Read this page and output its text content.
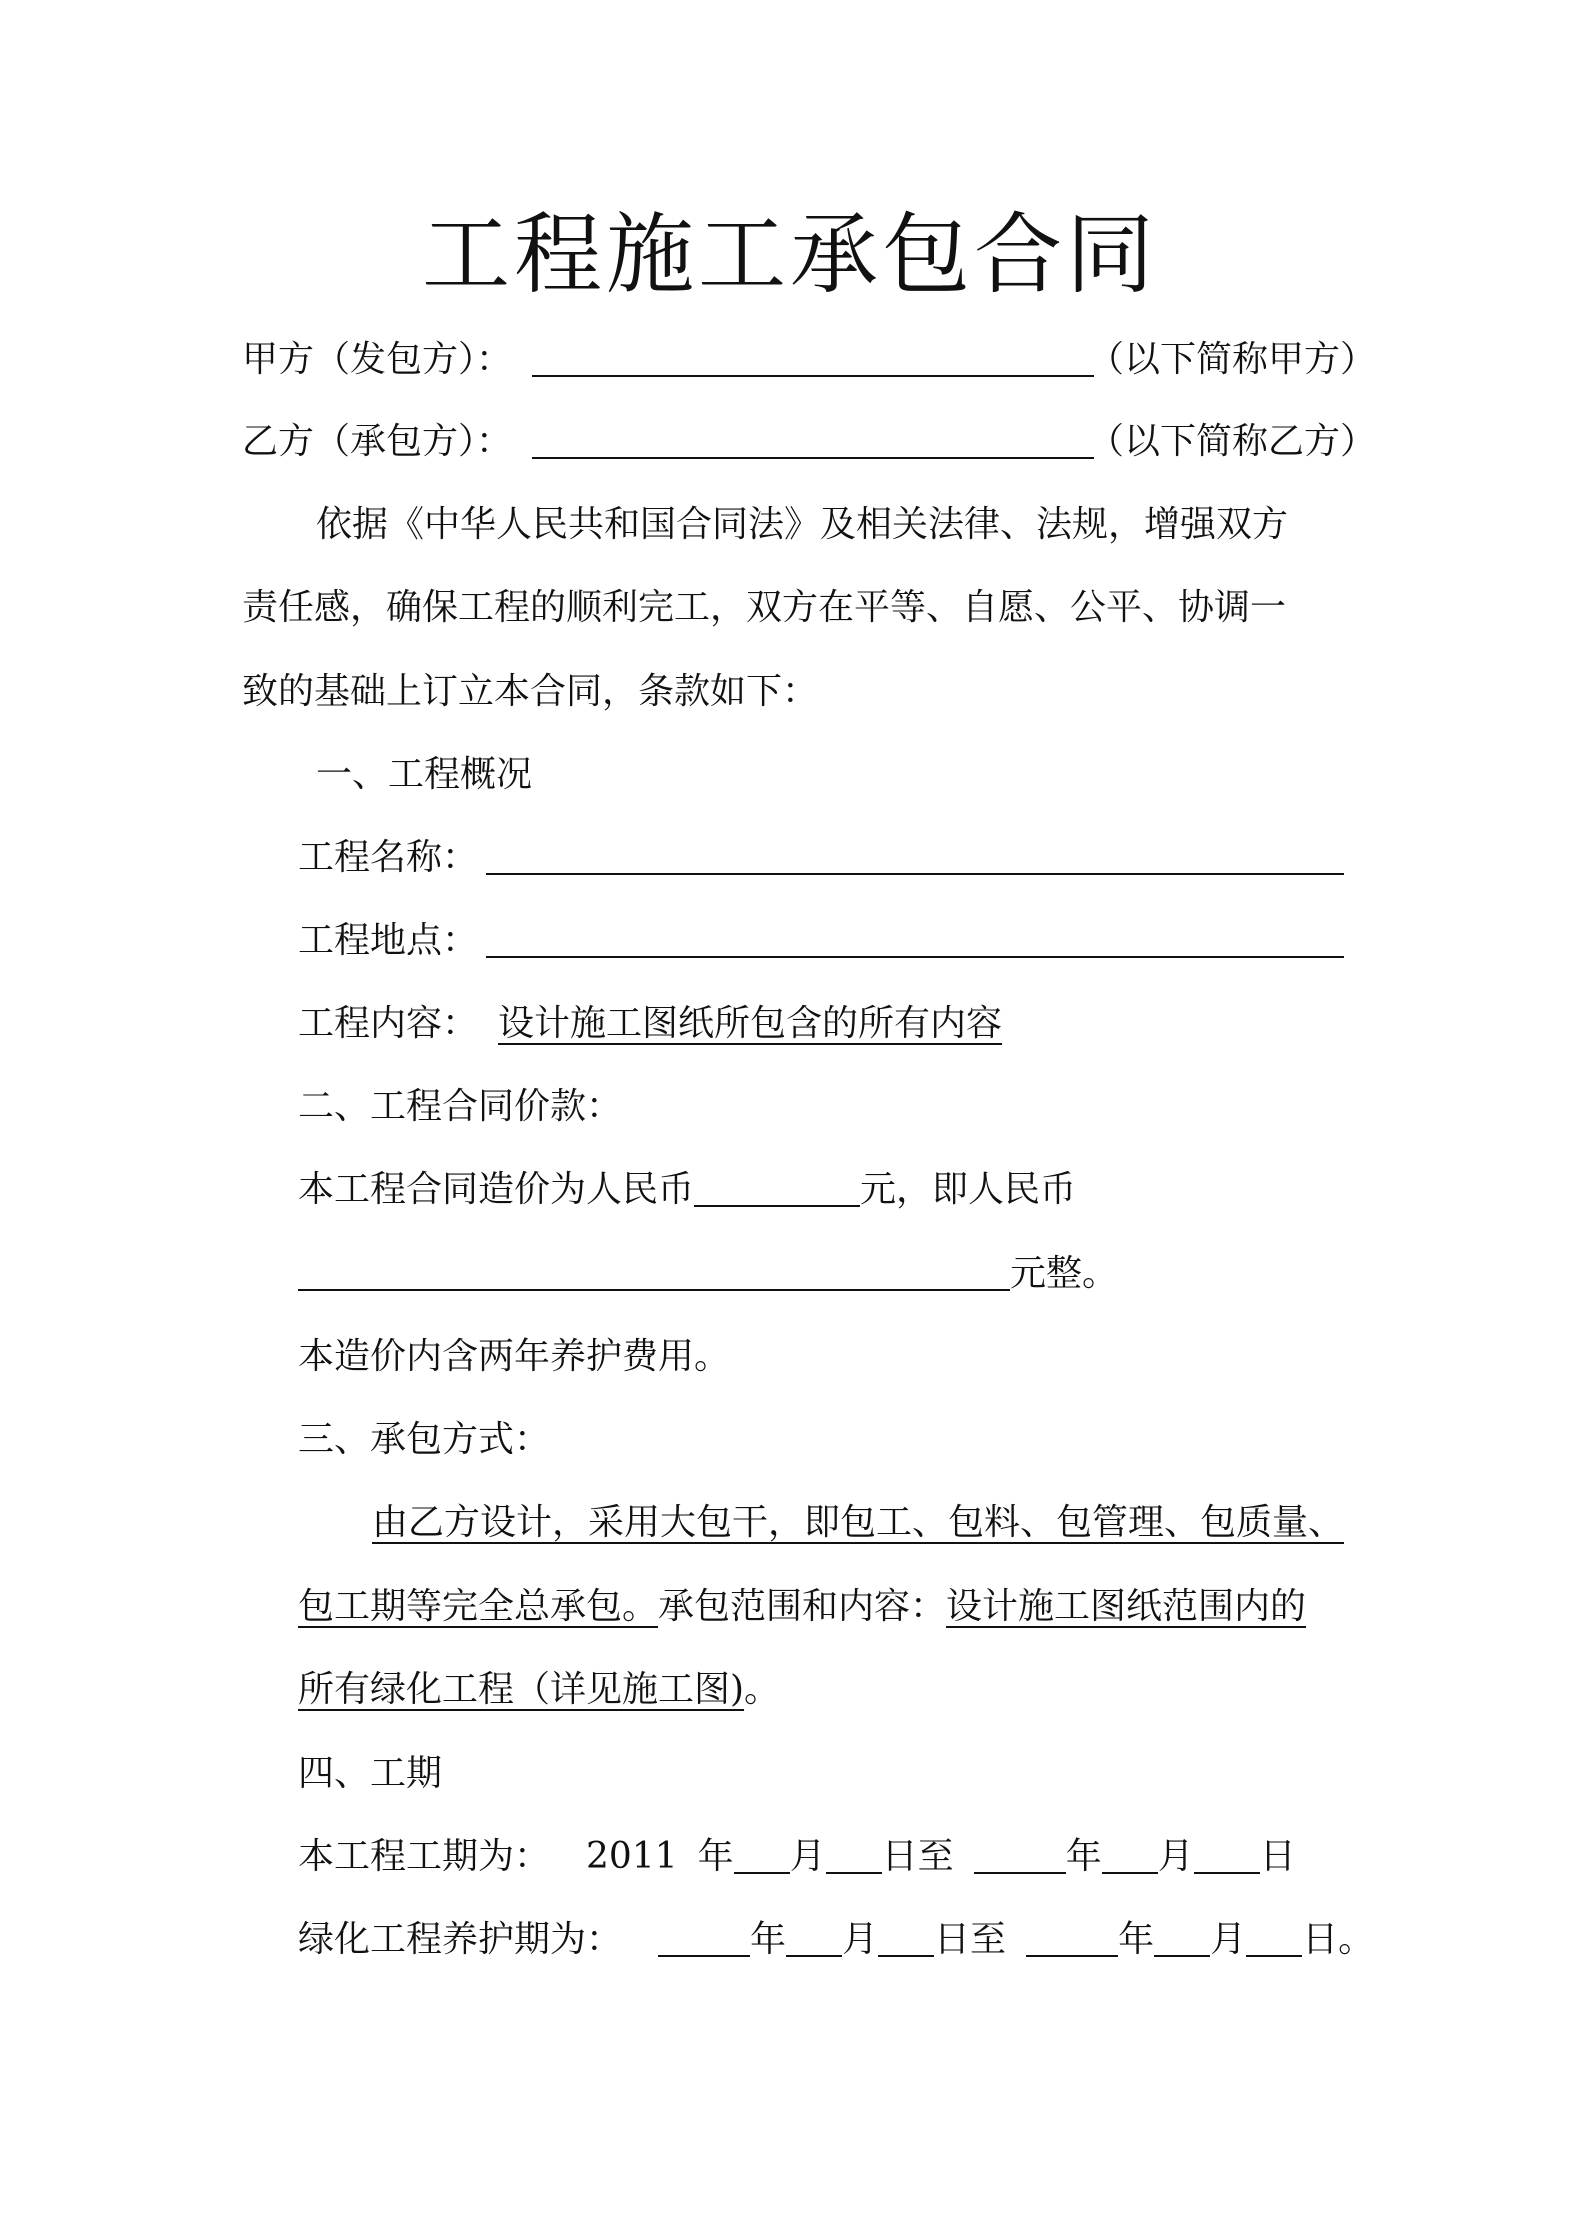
工程施工承包合同
甲方（发包方）：	（以下简称甲方）
乙方（承包方）：	（以下简称乙方）
依据《中华人民共和国合同法》及相关法律、法规，增强双方
责任感，确保工程的顺利完工，双方在平等、自愿、公平、协调一
致的基础上订立本合同，条款如下：
一、工程概况
工程名称：
工程地点：
工程内容： 设计施工图纸所包含的所有内容
二、工程合同价款：
本工程合同造价为人民币	元，即人民币
元整。
本造价内含两年养护费用。
三、承包方式：
由乙方设计，采用大包干，即包工、包料、包管理、包质量、
包工期等完全总承包。承包范围和内容：设计施工图纸范围内的
所有绿化工程（详见施工图)。
四、工期
本工程工期为： 2011 年 月 日至	年 月 日
绿化工程养护期为：	年 月 日至	年 月 日。
